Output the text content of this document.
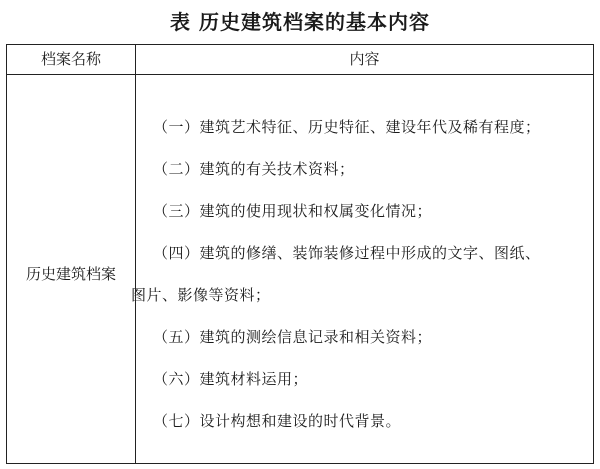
表 历史建筑档案的基本内容
档案名称	内容
历史建筑档案
（一）建筑艺术特征、历史特征、建设年代及稀有程度；
（二）建筑的有关技术资料；
（三）建筑的使用现状和权属变化情况；
（四）建筑的修缮、装饰装修过程中形成的文字、图纸、
图片、影像等资料；
（五）建筑的测绘信息记录和相关资料；
（六）建筑材料运用；
（七）设计构想和建设的时代背景。
